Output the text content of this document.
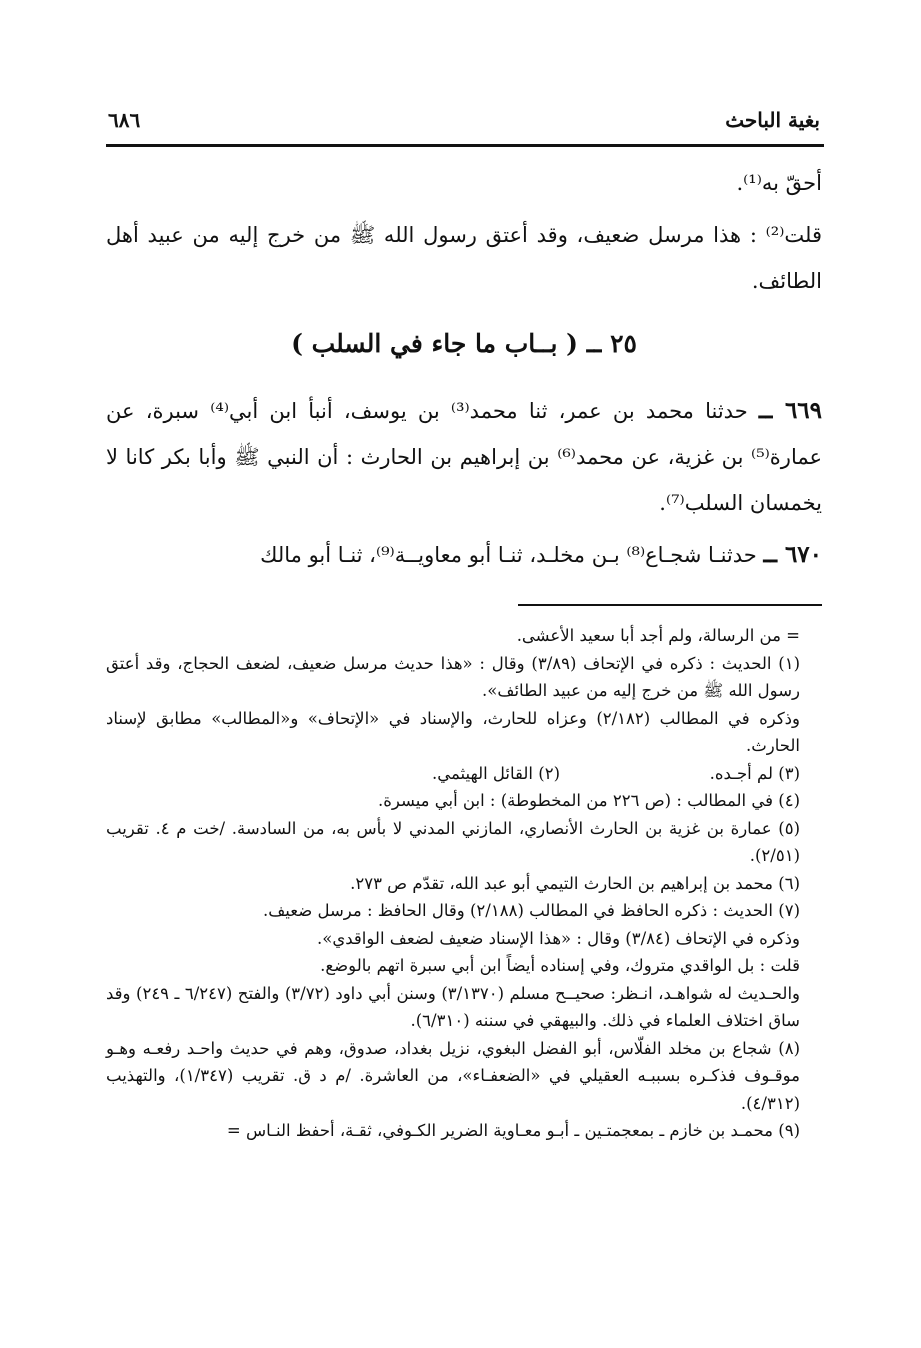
بغية الباحث
٦٨٦

أحقّ به⁽¹⁾.

قلت⁽²⁾ : هذا مرسل ضعيف، وقد أعتق رسول الله ﷺ من خرج إليه من عبيد أهل الطائف.

٢٥ ــ ( بــاب ما جاء في السلب )

٦٦٩ ــ حدثنا محمد بن عمر، ثنا محمد⁽³⁾ بن يوسف، أنبأ ابن أبي⁽⁴⁾ سبرة، عن عمارة⁽⁵⁾ بن غزية، عن محمد⁽⁶⁾ بن إبراهيم بن الحارث : أن النبي ﷺ وأبا بكر كانا لا يخمسان السلب⁽⁷⁾.

٦٧٠ ــ حدثنـا شجـاع⁽⁸⁾ بـن مخلـد، ثنـا أبو معاويــة⁽⁹⁾، ثنـا أبو مالك

= من الرسالة، ولم أجد أبا سعيد الأعشى.

(١) الحديث : ذكره في الإتحاف (٣/٨٩) وقال : «هذا حديث مرسل ضعيف، لضعف الحجاج، وقد أعتق رسول الله ﷺ من خرج إليه من عبيد الطائف».

وذكره في المطالب (٢/١٨٢) وعزاه للحارث، والإسناد في «الإتحاف» و«المطالب» مطابق لإسناد الحارث.

(٣) لم أجـده.
(٢) القائل الهيثمي.

(٤) في المطالب : (ص ٢٢٦ من المخطوطة) : ابن أبي ميسرة.

(٥) عمارة بن غزية بن الحارث الأنصاري، المازني المدني لا بأس به، من السادسة. /خت م ٤. تقريب (٢/٥١).

(٦) محمد بن إبراهيم بن الحارث التيمي أبو عبد الله، تقدّم ص ٢٧٣.

(٧) الحديث : ذكره الحافظ في المطالب (٢/١٨٨) وقال الحافظ : مرسل ضعيف.

وذكره في الإتحاف (٣/٨٤) وقال : «هذا الإسناد ضعيف لضعف الواقدي».

قلت : بل الواقدي متروك، وفي إسناده أيضاً ابن أبي سبرة اتهم بالوضع.

والحـديث له شواهـد، انـظر: صحيــح مسلم (٣/١٣٧٠) وسنن أبي داود (٣/٧٢) والفتح (٦/٢٤٧ ـ ٢٤٩) وقد ساق اختلاف العلماء في ذلك. والبيهقي في سننه (٦/٣١٠).

(٨) شجاع بن مخلد الفلّاس، أبو الفضل البغوي، نزيل بغداد، صدوق، وهم في حديث واحـد رفعـه وهـو موقـوف فذكـره بسببـه العقيلي في «الضعفـاء»، من العاشرة. /م د ق. تقريب (١/٣٤٧)، والتهذيب (٤/٣١٢).

(٩) محمـد بن خازم ـ بمعجمتـين ـ أبـو معـاوية الضرير الكـوفي، ثقـة، أحفظ النـاس =
